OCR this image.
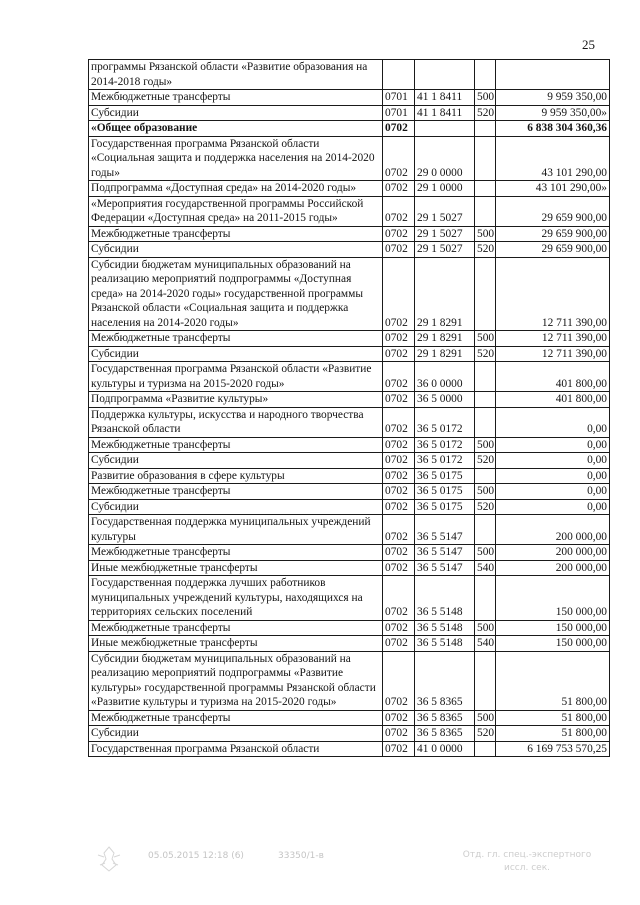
25
программы Рязанской области «Развитие образования на 2014-2018 годы»				
Межбюджетные трансферты	0701	41 1 8411	500	9 959 350,00
Субсидии	0701	41 1 8411	520	9 959 350,00»
«Общее образование	0702			6 838 304 360,36
Государственная программа Рязанской области «Социальная защита и поддержка населения на 2014-2020 годы»	0702	29 0 0000		43 101 290,00
Подпрограмма «Доступная среда» на 2014-2020 годы»	0702	29 1 0000		43 101 290,00»
«Мероприятия государственной программы Российской Федерации «Доступная среда» на 2011-2015 годы»	0702	29 1 5027		29 659 900,00
Межбюджетные трансферты	0702	29 1 5027	500	29 659 900,00
Субсидии	0702	29 1 5027	520	29 659 900,00
Субсидии бюджетам муниципальных образований на реализацию мероприятий подпрограммы «Доступная среда» на 2014-2020 годы» государственной программы Рязанской области «Социальная защита и поддержка населения на 2014-2020 годы»	0702	29 1 8291		12 711 390,00
Межбюджетные трансферты	0702	29 1 8291	500	12 711 390,00
Субсидии	0702	29 1 8291	520	12 711 390,00
Государственная программа Рязанской области «Развитие культуры и туризма на 2015-2020 годы»	0702	36 0 0000		401 800,00
Подпрограмма «Развитие культуры»	0702	36 5 0000		401 800,00
Поддержка культуры, искусства и народного творчества Рязанской области	0702	36 5 0172		0,00
Межбюджетные трансферты	0702	36 5 0172	500	0,00
Субсидии	0702	36 5 0172	520	0,00
Развитие образования в сфере культуры	0702	36 5 0175		0,00
Межбюджетные трансферты	0702	36 5 0175	500	0,00
Субсидии	0702	36 5 0175	520	0,00
Государственная поддержка муниципальных учреждений культуры	0702	36 5 5147		200 000,00
Межбюджетные трансферты	0702	36 5 5147	500	200 000,00
Иные межбюджетные трансферты	0702	36 5 5147	540	200 000,00
Государственная поддержка лучших работников муниципальных учреждений культуры, находящихся на территориях сельских поселений	0702	36 5 5148		150 000,00
Межбюджетные трансферты	0702	36 5 5148	500	150 000,00
Иные межбюджетные трансферты	0702	36 5 5148	540	150 000,00
Субсидии бюджетам муниципальных образований на реализацию мероприятий подпрограммы «Развитие культуры» государственной программы Рязанской области «Развитие культуры и туризма на 2015-2020 годы»	0702	36 5 8365		51 800,00
Межбюджетные трансферты	0702	36 5 8365	500	51 800,00
Субсидии	0702	36 5 8365	520	51 800,00
Государственная программа Рязанской области	0702	41 0 0000		6 169 753 570,25
05.05.2015 12:18 (6)	33350/1-в	Отд. гл. спец.-экспертного
иссл. сек.
